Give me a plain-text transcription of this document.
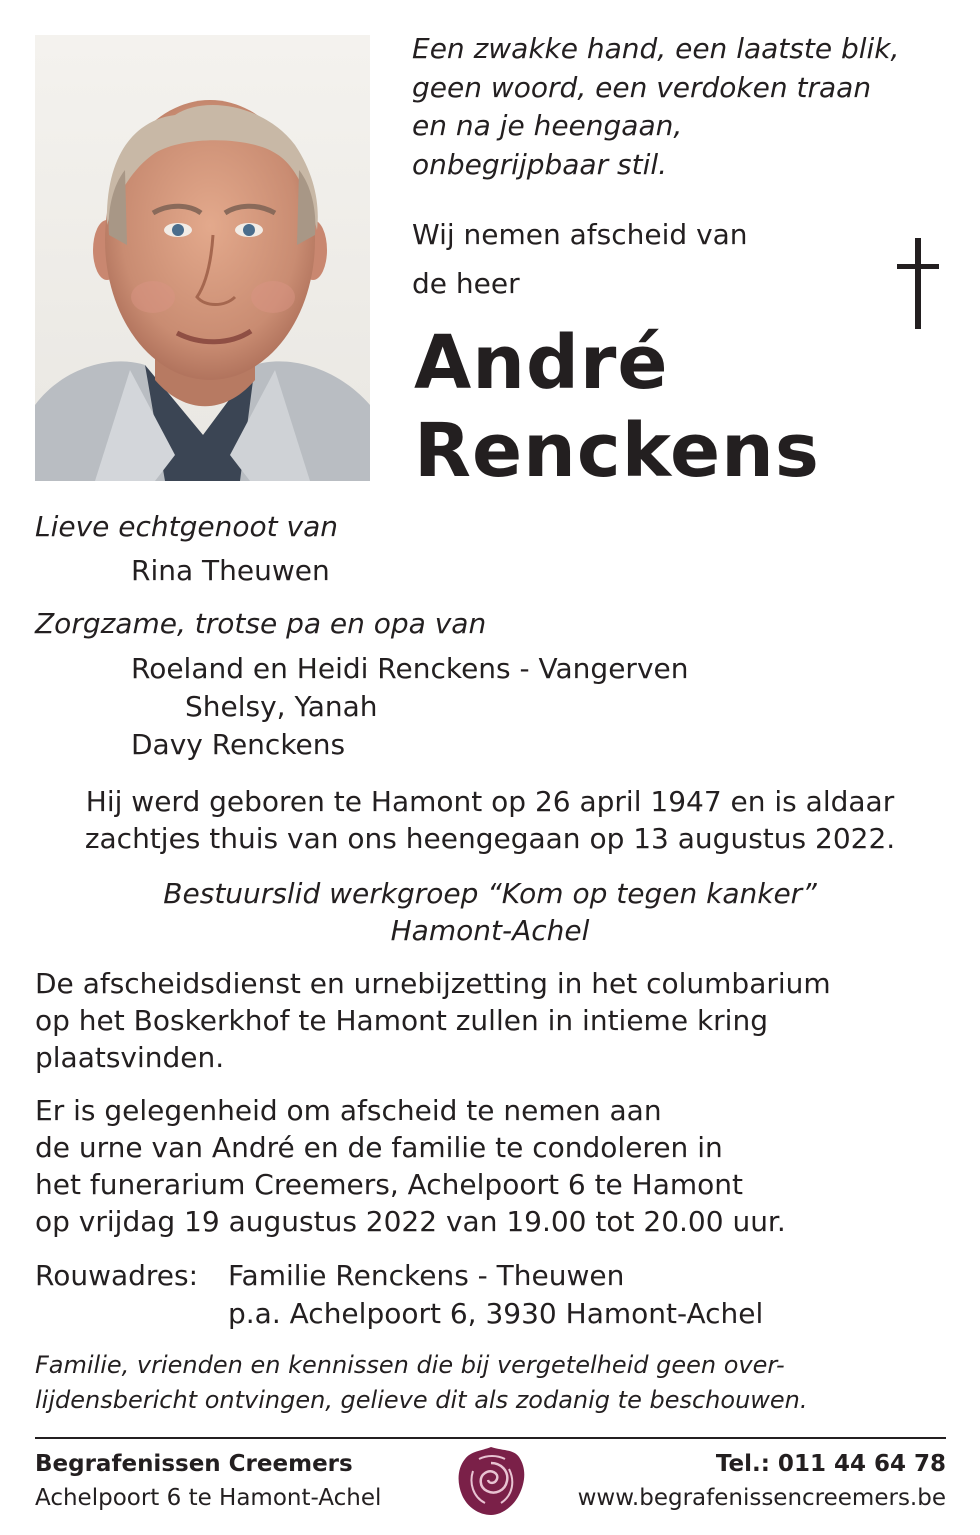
Een zwakke hand, een laatste blik,
geen woord, een verdoken traan
en na je heengaan,
onbegrijpbaar stil.
Wij nemen afscheid van
de heer
André
Renckens
Lieve echtgenoot van
Rina Theuwen
Zorgzame, trotse pa en opa van
Roeland en Heidi Renckens - Vangerven
Shelsy, Yanah
Davy Renckens
Hij werd geboren te Hamont op 26 april 1947 en is aldaar
zachtjes thuis van ons heengegaan op 13 augustus 2022.
Bestuurslid werkgroep “Kom op tegen kanker”
Hamont-Achel
De afscheidsdienst en urnebijzetting in het columbarium
op het Boskerkhof te Hamont zullen in intieme kring
plaatsvinden.
Er is gelegenheid om afscheid te nemen aan
de urne van André en de familie te condoleren in
het funerarium Creemers, Achelpoort 6 te Hamont
op vrijdag 19 augustus 2022 van 19.00 tot 20.00 uur.
Rouwadres: Familie Renckens - Theuwen
p.a. Achelpoort 6, 3930 Hamont-Achel
Familie, vrienden en kennissen die bij vergetelheid geen over-
lijdensbericht ontvingen, gelieve dit als zodanig te beschouwen.
Begrafenissen Creemers
Achelpoort 6 te Hamont-Achel
Tel.: 011 44 64 78
www.begrafenissencreemers.be
